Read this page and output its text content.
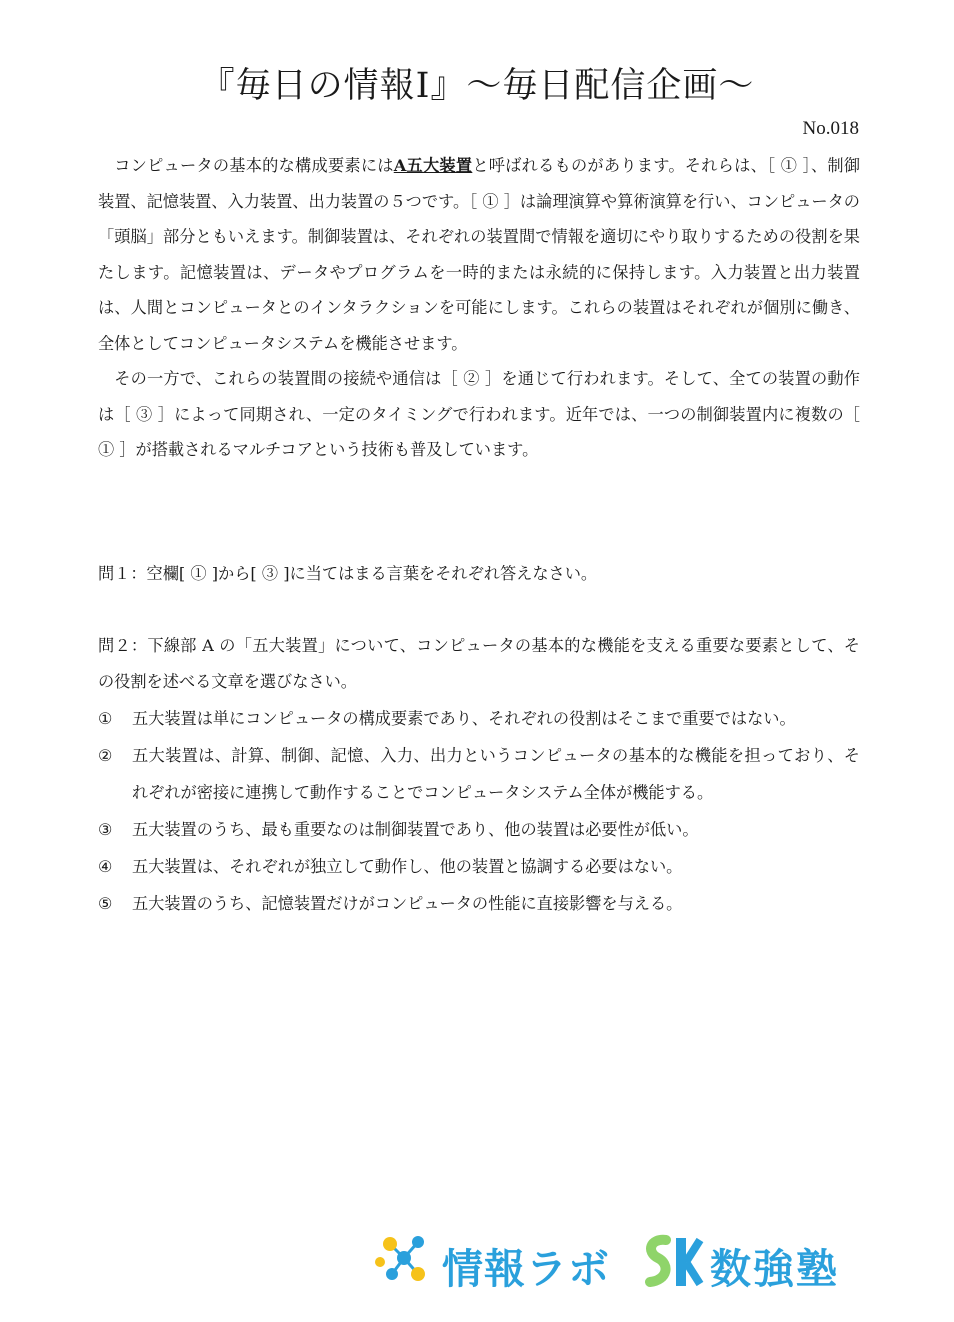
『毎日の情報Ⅰ』〜毎日配信企画〜
No.018

コンピュータの基本的な構成要素にはA五大装置と呼ばれるものがあります。それらは、［ ① ］、制御装置、記憶装置、入力装置、出力装置の５つです。［ ① ］は論理演算や算術演算を行い、コンピュータの「頭脳」部分ともいえます。制御装置は、それぞれの装置間で情報を適切にやり取りするための役割を果たします。記憶装置は、データやプログラムを一時的または永続的に保持します。入力装置と出力装置は、人間とコンピュータとのインタラクションを可能にします。これらの装置はそれぞれが個別に働き、全体としてコンピュータシステムを機能させます。

その一方で、これらの装置間の接続や通信は［ ② ］を通じて行われます。そして、全ての装置の動作は［ ③ ］によって同期され、一定のタイミングで行われます。近年では、一つの制御装置内に複数の［ ① ］が搭載されるマルチコアという技術も普及しています。

問１：空欄[ ① ]から[ ③ ]に当てはまる言葉をそれぞれ答えなさい。
問２：下線部 A の「五大装置」について、コンピュータの基本的な機能を支える重要な要素として、その役割を述べる文章を選びなさい。
①	五大装置は単にコンピュータの構成要素であり、それぞれの役割はそこまで重要ではない。
②	五大装置は、計算、制御、記憶、入力、出力というコンピュータの基本的な機能を担っており、それぞれが密接に連携して動作することでコンピュータシステム全体が機能する。
③	五大装置のうち、最も重要なのは制御装置であり、他の装置は必要性が低い。
④	五大装置は、それぞれが独立して動作し、他の装置と協調する必要はない。
⑤	五大装置のうち、記憶装置だけがコンピュータの性能に直接影響を与える。
情報ラボ 数強塾
